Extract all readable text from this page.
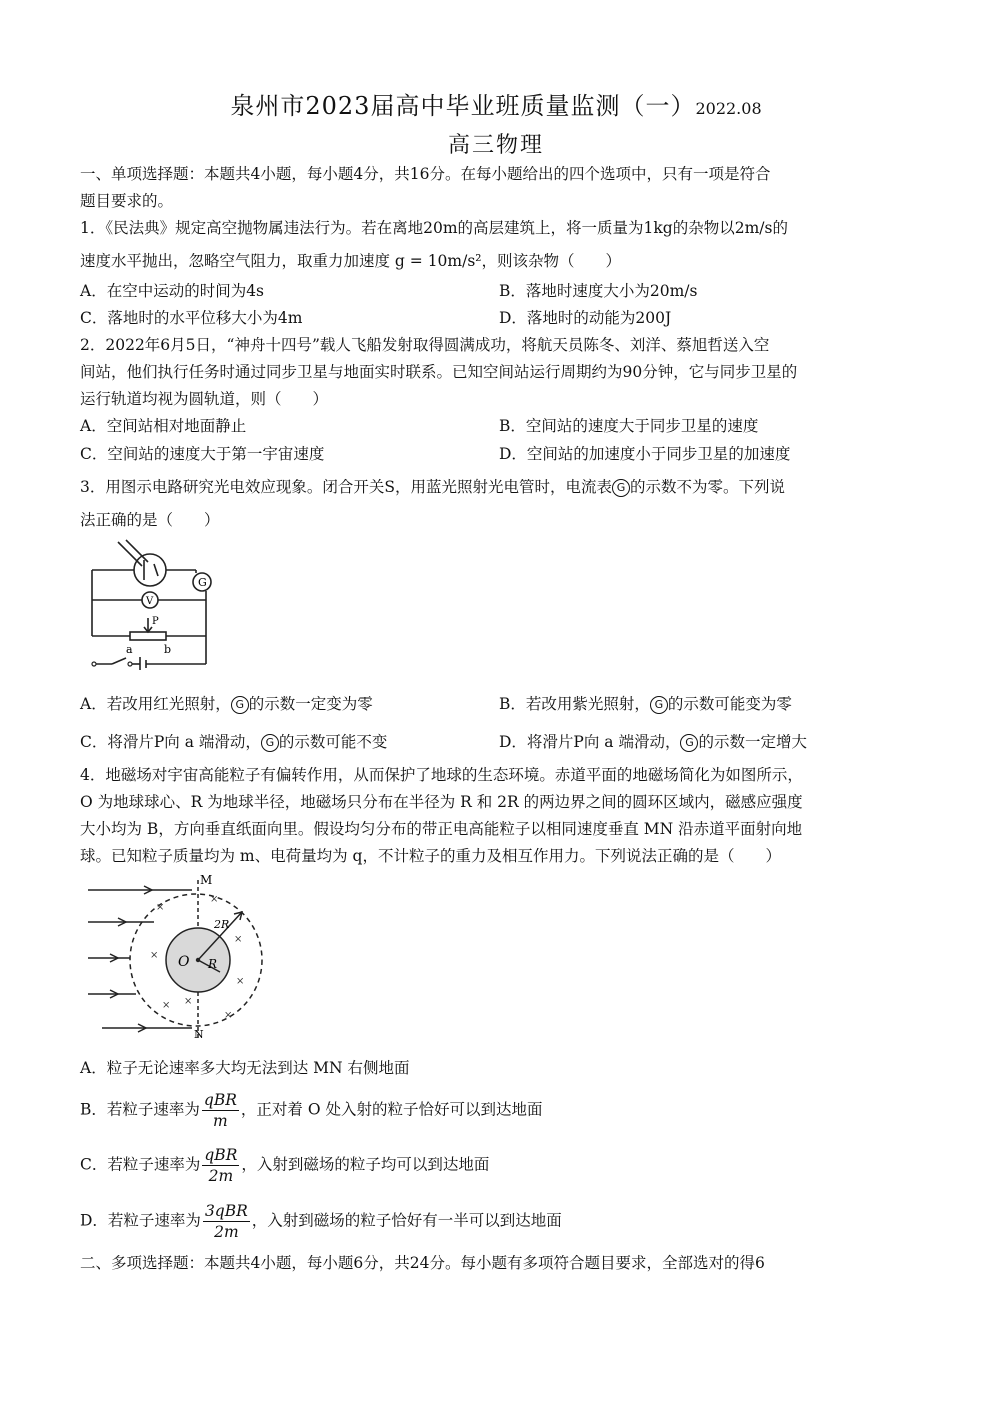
泉州市2023届高中毕业班质量监测（一）2022.08
高三物理
一、单项选择题：本题共4小题，每小题4分，共16分。在每小题给出的四个选项中，只有一项是符合
题目要求的。
1．《民法典》规定高空抛物属违法行为。若在离地20m的高层建筑上，将一质量为1kg的杂物以2m/s的
速度水平抛出，忽略空气阻力，取重力加速度 g = 10m/s²，则该杂物（　　）
A．在空中运动的时间为4s	B．落地时速度大小为20m/s
C．落地时的水平位移大小为4m	D．落地时的动能为200J
2．2022年6月5日，“神舟十四号”载人飞船发射取得圆满成功，将航天员陈冬、刘洋、蔡旭哲送入空
间站，他们执行任务时通过同步卫星与地面实时联系。已知空间站运行周期约为90分钟，它与同步卫星的
运行轨道均视为圆轨道，则（　　）
A．空间站相对地面静止	B．空间站的速度大于同步卫星的速度
C．空间站的速度大于第一宇宙速度	D．空间站的加速度小于同步卫星的加速度
3．用图示电路研究光电效应现象。闭合开关S，用蓝光照射光电管时，电流表 G 的示数不为零。下列说
法正确的是（　　）
G
V
P
a	b
A．若改用红光照射， G 的示数一定变为零	B．若改用紫光照射， G 的示数可能变为零
C．将滑片P向 a 端滑动， G 的示数可能不变	D．将滑片P向 a 端滑动， G 的示数一定增大
4．地磁场对宇宙高能粒子有偏转作用，从而保护了地球的生态环境。赤道平面的地磁场简化为如图所示，
O 为地球球心、R 为地球半径，地磁场只分布在半径为 R 和 2R 的两边界之间的圆环区域内，磁感应强度
大小均为 B，方向垂直纸面向里。假设均匀分布的带正电高能粒子以相同速度垂直 MN 沿赤道平面射向地
球。已知粒子质量均为 m、电荷量均为 q，不计粒子的重力及相互作用力。下列说法正确的是（　　）
×
×
×
×
×
×
×
×
M
N
O R
2R
A．粒子无论速率多大均无法到达 MN 右侧地面
B．若粒子速率为 $\frac{\text{qBR}}{m}$ ，正对着 O 处入射的粒子恰好可以到达地面
C．若粒子速率为 $\frac{\text{qBR}}{2m}$ ，入射到磁场的粒子均可以到达地面
D．若粒子速率为 $\frac{\text{3qBR}}{2m}$ ，入射到磁场的粒子恰好有一半可以到达地面
二、多项选择题：本题共4小题，每小题6分，共24分。每小题有多项符合题目要求，全部选对的得6
